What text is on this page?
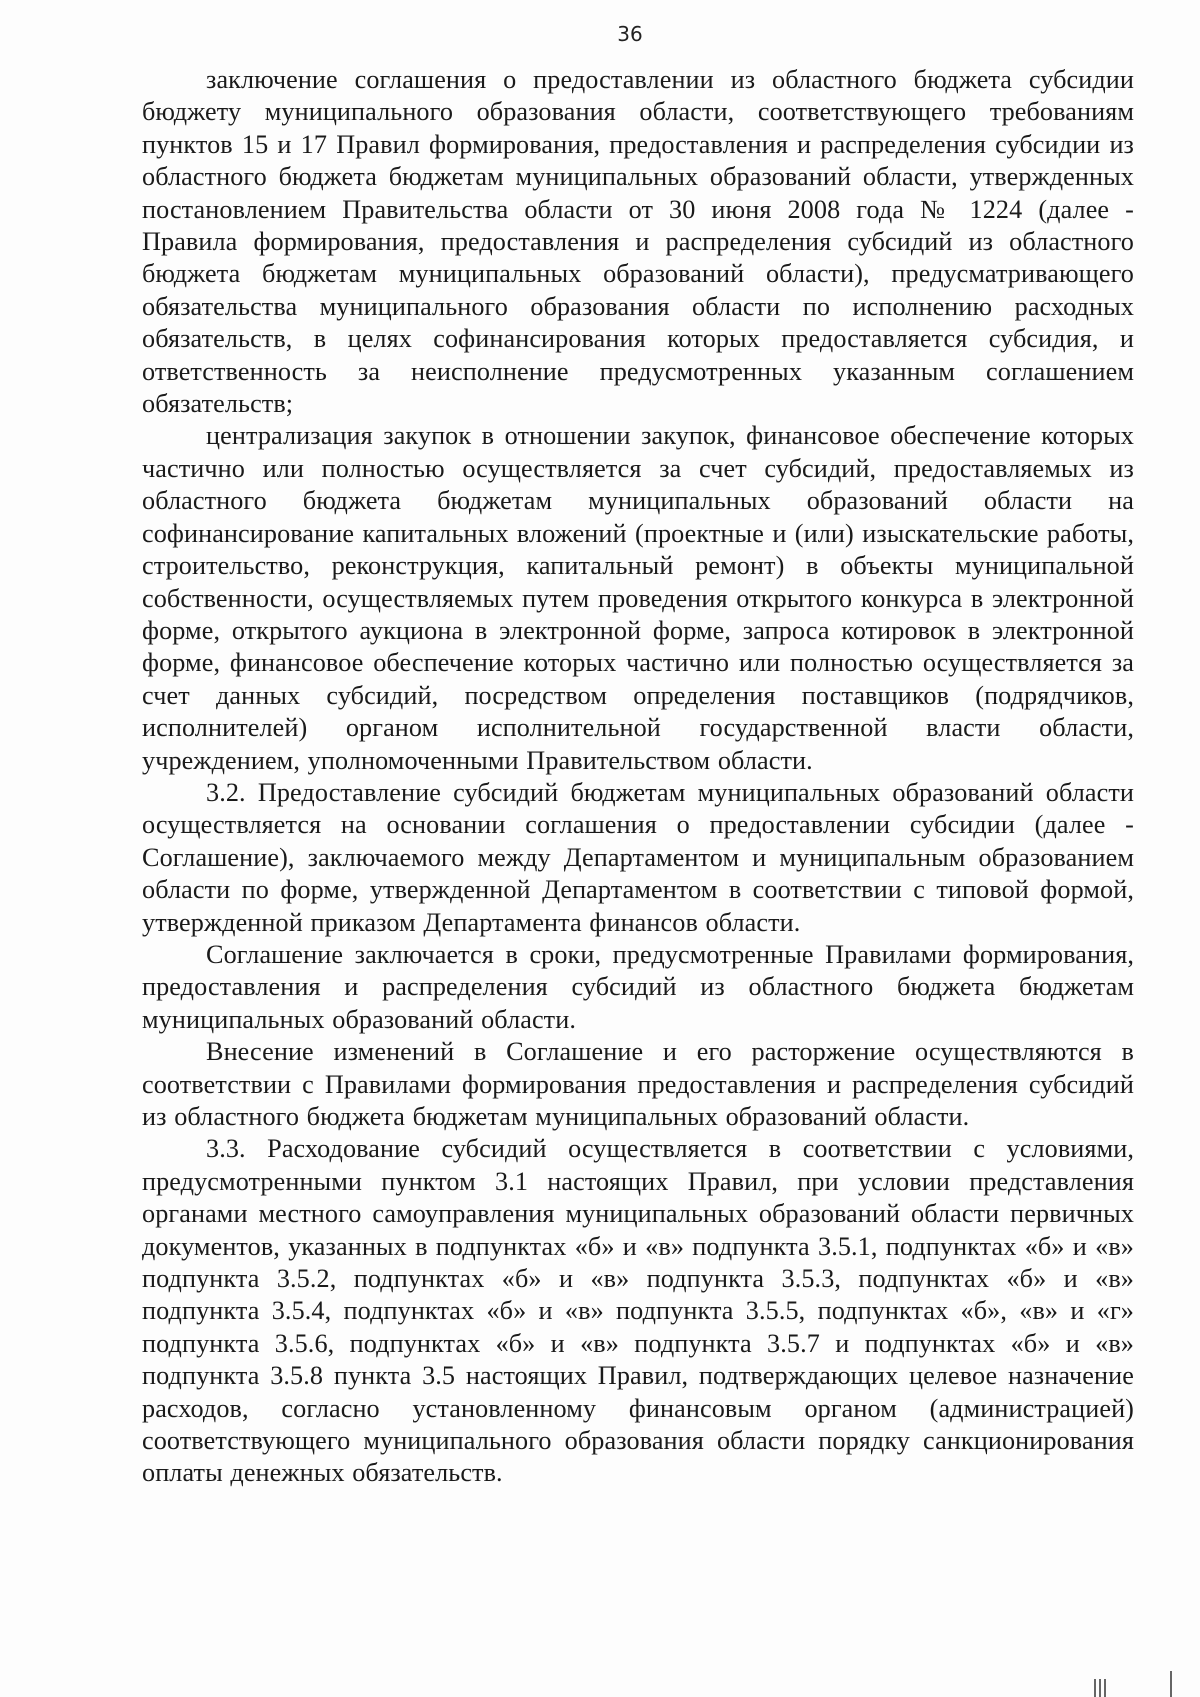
36

заключение соглашения о предоставлении из областного бюджета субсидии бюджету муниципального образования области, соответствующего требованиям пунктов 15 и 17 Правил формирования, предоставления и распределения субсидии из областного бюджета бюджетам муниципальных образований области, утвержденных постановлением Правительства области от 30 июня 2008 года № 1224 (далее - Правила формирования, предоставления и распределения субсидий из областного бюджета бюджетам муниципальных образований области), предусматривающего обязательства муниципального образования области по исполнению расходных обязательств, в целях софинансирования которых предоставляется субсидия, и ответственность за неисполнение предусмотренных указанным соглашением обязательств;

централизация закупок в отношении закупок, финансовое обеспечение которых частично или полностью осуществляется за счет субсидий, предоставляемых из областного бюджета бюджетам муниципальных образований области на софинансирование капитальных вложений (проектные и (или) изыскательские работы, строительство, реконструкция, капитальный ремонт) в объекты муниципальной собственности, осуществляемых путем проведения открытого конкурса в электронной форме, открытого аукциона в электронной форме, запроса котировок в электронной форме, финансовое обеспечение которых частично или полностью осуществляется за счет данных субсидий, посредством определения поставщиков (подрядчиков, исполнителей) органом исполнительной государственной власти области, учреждением, уполномоченными Правительством области.

3.2. Предоставление субсидий бюджетам муниципальных образований области осуществляется на основании соглашения о предоставлении субсидии (далее - Соглашение), заключаемого между Департаментом и муниципальным образованием области по форме, утвержденной Департаментом в соответствии с типовой формой, утвержденной приказом Департамента финансов области.

Соглашение заключается в сроки, предусмотренные Правилами формирования, предоставления и распределения субсидий из областного бюджета бюджетам муниципальных образований области.

Внесение изменений в Соглашение и его расторжение осуществляются в соответствии с Правилами формирования предоставления и распределения субсидий из областного бюджета бюджетам муниципальных образований области.

3.3. Расходование субсидий осуществляется в соответствии с условиями, предусмотренными пунктом 3.1 настоящих Правил, при условии представления органами местного самоуправления муниципальных образований области первичных документов, указанных в подпунктах «б» и «в» подпункта 3.5.1, подпунктах «б» и «в» подпункта 3.5.2, подпунктах «б» и «в» подпункта 3.5.3, подпунктах «б» и «в» подпункта 3.5.4, подпунктах «б» и «в» подпункта 3.5.5, подпунктах «б», «в» и «г» подпункта 3.5.6, подпунктах «б» и «в» подпункта 3.5.7 и подпунктах «б» и «в» подпункта 3.5.8 пункта 3.5 настоящих Правил, подтверждающих целевое назначение расходов, согласно установленному финансовым органом (администрацией) соответствующего муниципального образования области порядку санкционирования оплаты денежных обязательств.
